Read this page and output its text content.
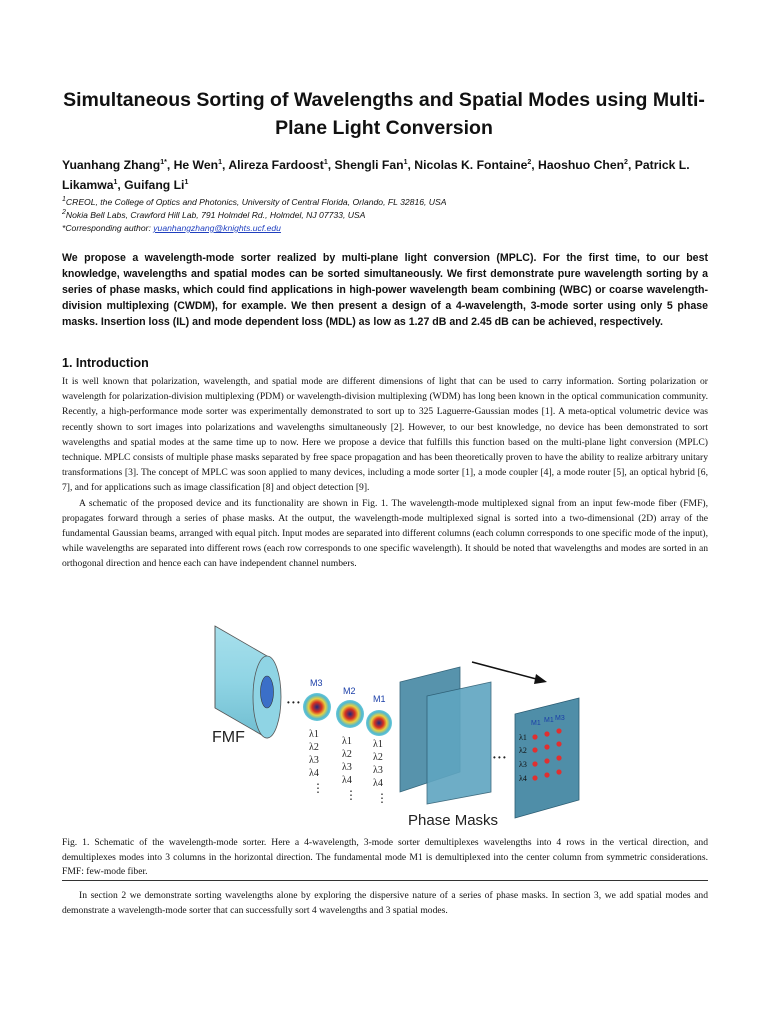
Simultaneous Sorting of Wavelengths and Spatial Modes using Multi-Plane Light Conversion
Yuanhang Zhang$^{1*}$, He Wen$^1$, Alireza Fardoost$^1$, Shengli Fan$^1$, Nicolas K. Fontaine$^2$, Haoshuo Chen$^2$, Patrick L. Likamwa$^1$, Guifang Li$^1$
$^1$CREOL, the College of Optics and Photonics, University of Central Florida, Orlando, FL 32816, USA
$^2$Nokia Bell Labs, Crawford Hill Lab, 791 Holmdel Rd., Holmdel, NJ 07733, USA
*Corresponding author: yuanhangzhang@knights.ucf.edu
We propose a wavelength-mode sorter realized by multi-plane light conversion (MPLC). For the first time, to our best knowledge, wavelengths and spatial modes can be sorted simultaneously. We first demonstrate pure wavelength sorting by a series of phase masks, which could find applications in high-power wavelength beam combining (WBC) or coarse wavelength-division multiplexing (CWDM), for example. We then present a design of a 4-wavelength, 3-mode sorter using only 5 phase masks. Insertion loss (IL) and mode dependent loss (MDL) as low as 1.27 dB and 2.45 dB can be achieved, respectively.
1. Introduction

It is well known that polarization, wavelength, and spatial mode are different dimensions of light that can be used to carry information. Sorting polarization or wavelength for polarization-division multiplexing (PDM) or wavelength-division multiplexing (WDM) has long been known in the optical communication community. Recently, a high-performance mode sorter was experimentally demonstrated to sort up to 325 Laguerre-Gaussian modes [1]. A meta-optical volumetric device was recently shown to sort images into polarizations and wavelengths simultaneously [2]. However, to our best knowledge, no device has been demonstrated to sort wavelengths and spatial modes at the same time up to now. Here we propose a device that fulfills this function based on the multi-plane light conversion (MPLC) technique. MPLC consists of multiple phase masks separated by free space propagation and has been theoretically proven to have the ability to realize arbitrary unitary transformations [3]. The concept of MPLC was soon applied to many devices, including a mode sorter [1], a mode coupler [4], a mode router [5], an optical hybrid [6, 7], and for applications such as image classification [8] and object detection [9].

A schematic of the proposed device and its functionality are shown in Fig. 1. The wavelength-mode multiplexed signal from an input few-mode fiber (FMF), propagates forward through a series of phase masks. At the output, the wavelength-mode multiplexed signal is sorted into a two-dimensional (2D) array of the fundamental Gaussian beams, arranged with equal pitch. Input modes are separated into different columns (each column corresponds to one specific mode of the input), while wavelengths are separated into different rows (each row corresponds to one specific wavelength). It should be noted that wavelengths and modes are sorted in an orthogonal direction and hence each can have independent channel numbers.

FMF
• • •
M3
M2
M1
λ1
λ2
λ3
λ4
⋮
λ1
λ2
λ3
λ4
⋮
λ1
λ2
λ3
λ4
⋮
Phase Masks
• • •
M1 M1 M3
λ1
λ2
λ3
λ4
Fig. 1. Schematic of the wavelength-mode sorter. Here a 4-wavelength, 3-mode sorter demultiplexes wavelengths into 4 rows in the vertical direction, and demultiplexes modes into 3 columns in the horizontal direction. The fundamental mode M1 is demultiplexed into the center column from symmetric considerations. FMF: few-mode fiber.

In section 2 we demonstrate sorting wavelengths alone by exploring the dispersive nature of a series of phase masks. In section 3, we add spatial modes and demonstrate a wavelength-mode sorter that can successfully sort 4 wavelengths and 3 spatial modes.
